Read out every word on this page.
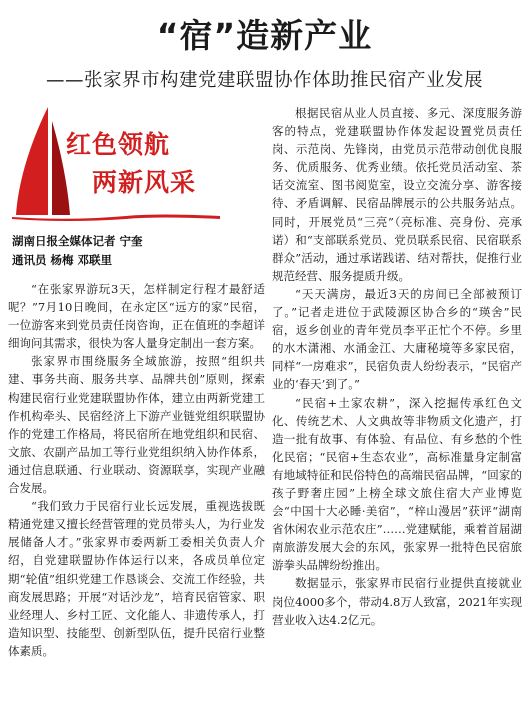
“宿”造新产业
——张家界市构建党建联盟协作体助推民宿产业发展
红色领航
两新风采
湖南日报全媒体记者 宁奎
通讯员 杨梅 邓联里

“在张家界游玩3天，怎样制定行程才最舒适呢？”7月10日晚间，在永定区“远方的家”民宿，一位游客来到党员责任岗咨询，正在值班的李超详细询问其需求，很快为客人量身定制出一套方案。

张家界市围绕服务全域旅游，按照“组织共建、事务共商、服务共享、品牌共创”原则，探索构建民宿行业党建联盟协作体，建立由两新党建工作机构牵头、民宿经济上下游产业链党组织联盟协作的党建工作格局，将民宿所在地党组织和民宿、文旅、农副产品加工等行业党组织纳入协作体系，通过信息联通、行业联动、资源联享，实现产业融合发展。

“我们致力于民宿行业长远发展，重视选拔既精通党建又擅长经营管理的党员带头人，为行业发展储备人才。”张家界市委两新工委相关负责人介绍，自党建联盟协作体运行以来，各成员单位定期“轮值”组织党建工作恳谈会、交流工作经验，共商发展思路；开展“对话沙龙”，培育民宿管家、职业经理人、乡村工匠、文化能人、非遗传承人，打造知识型、技能型、创新型队伍，提升民宿行业整体素质。

根据民宿从业人员直接、多元、深度服务游客的特点，党建联盟协作体发起设置党员责任岗、示范岗、先锋岗，由党员示范带动创优良服务、优质服务、优秀业绩。依托党员活动室、茶话交流室、图书阅览室，设立交流分享、游客接待、矛盾调解、民宿品牌展示的公共服务站点。同时，开展党员“三亮”（亮标准、亮身份、亮承诺）和“支部联系党员、党员联系民宿、民宿联系群众”活动，通过承诺践诺、结对帮扶，促推行业规范经营、服务提质升级。

“天天满房，最近3天的房间已全部被预订了。”记者走进位于武陵源区协合乡的“瑛舍”民宿，返乡创业的青年党员李平正忙个不停。乡里的水木潇湘、水涌金江、大庸秘境等多家民宿，同样“一房难求”，民宿负责人纷纷表示，“民宿产业的‘春天’到了。”

“民宿+土家农耕”，深入挖掘传承红色文化、传统艺术、人文典故等非物质文化遗产，打造一批有故事、有体验、有品位、有乡愁的个性化民宿；“民宿+生态农业”，高标准量身定制富有地域特征和民俗特色的高端民宿品牌，“回家的孩子野奢庄园”上榜全球文旅住宿大产业博览会“中国十大必睡·美宿”，“梓山漫居”获评“湖南省休闲农业示范农庄”……党建赋能，乘着首届湖南旅游发展大会的东风，张家界一批特色民宿旅游拳头品牌纷纷推出。

数据显示，张家界市民宿行业提供直接就业岗位4000多个，带动4.8万人致富，2021年实现营业收入达4.2亿元。
